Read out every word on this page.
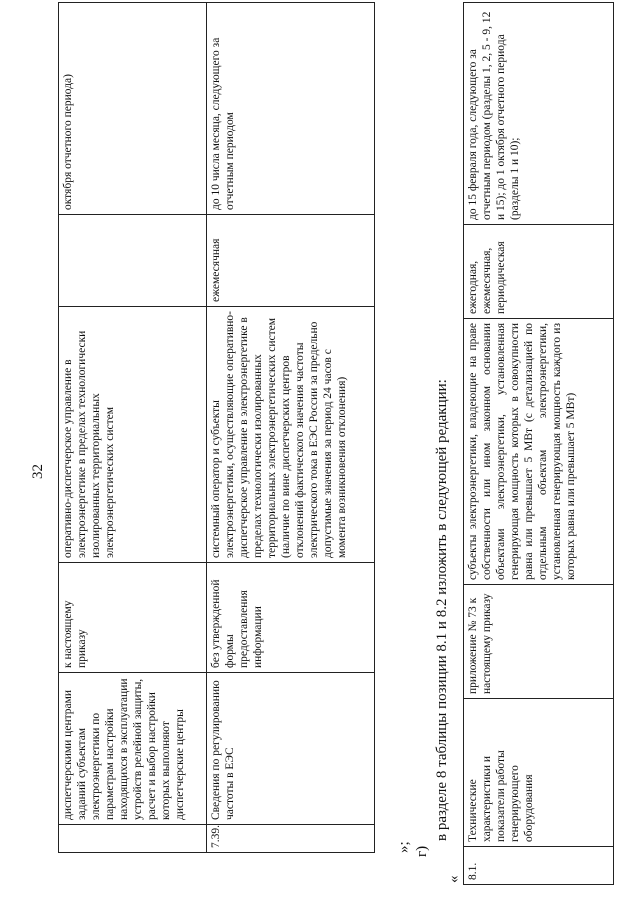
32
	диспетчерскими центрами заданий субъектам электроэнергетики по параметрам настройки находящихся в эксплуатации устройств релейной защиты, расчет и выбор настройки которых выполняют диспетчерские центры	к настоящему приказу	оперативно-диспетчерское управление в электроэнергетике в пределах технологически изолированных территориальных электроэнергетических систем		октября отчетного периода)
7.39.	Сведения по регулированию частоты в ЕЭС	без утвержденной формы предоставления информации	системный оператор и субъекты электроэнергетики, осуществляющие оперативно-диспетчерское управление в электроэнергетике в пределах технологически изолированных территориальных электроэнергетических систем (наличие по вине диспетчерских центров отклонений фактического значения частоты электрического тока в ЕЭС России за предельно допустимые значения за период 24 часов с момента возникновения отклонения)	ежемесячная	до 10 числа месяца, следующего за отчетным периодом
»; г)
в разделе 8 таблицы позиции 8.1 и 8.2 изложить в следующей редакции:
« 8.1.	Технические характеристики и показатели работы генерирующего оборудования	приложение № 73 к настоящему приказу	субъекты электроэнергетики, владеющие на праве собственности или ином законном основании объектами электроэнергетики, установленная генерирующая мощность которых в совокупности равна или превышает 5 МВт (с детализацией по отдельным объектам электроэнергетики, установленная генерирующая мощность каждого из которых равна или превышает 5 МВт)	ежегодная, ежемесячная, периодическая	до 15 февраля года, следующего за отчетным периодом (разделы 1, 2, 5 - 9, 12 и 15); до 1 октября отчетного периода (разделы 1 и 10);
